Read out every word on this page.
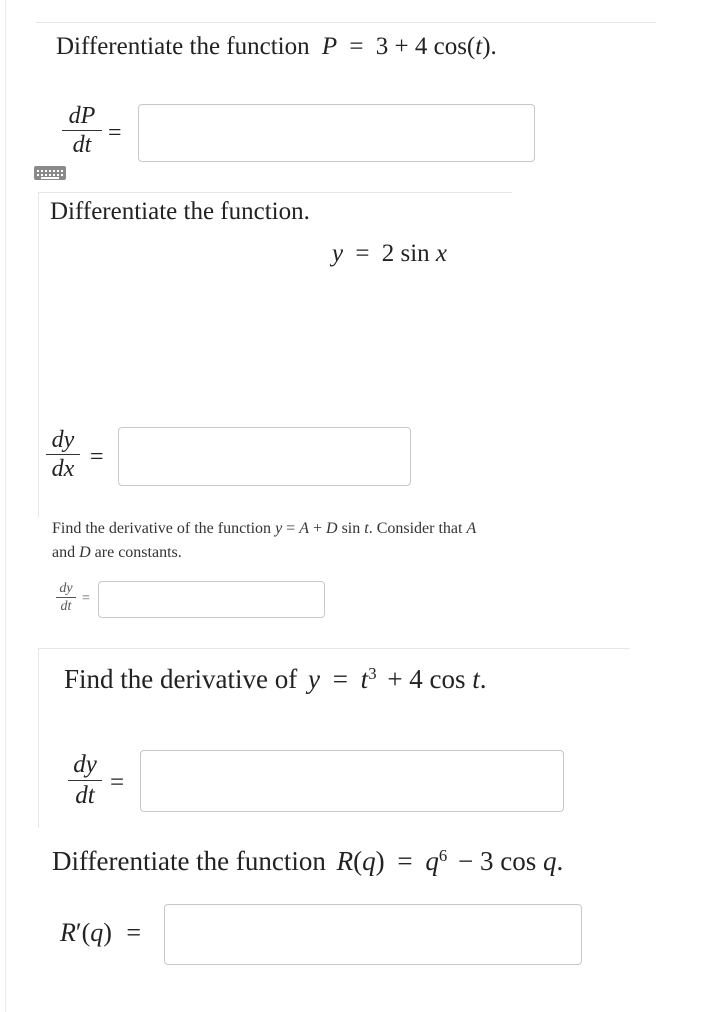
Differentiate the function P = 3 + 4 cos(t).
dP
dt =
Differentiate the function.
y = 2 sin x
dy
dx =
Find the derivative of the function y = A + D sin t. Consider that A
and D are constants.
dy
dt
=
Find the derivative of $y = t^3 + 4$ cos t.
dy
dt =
Differentiate the function $R(q) = q^6 - 3$ cos q.
R′(q) =
